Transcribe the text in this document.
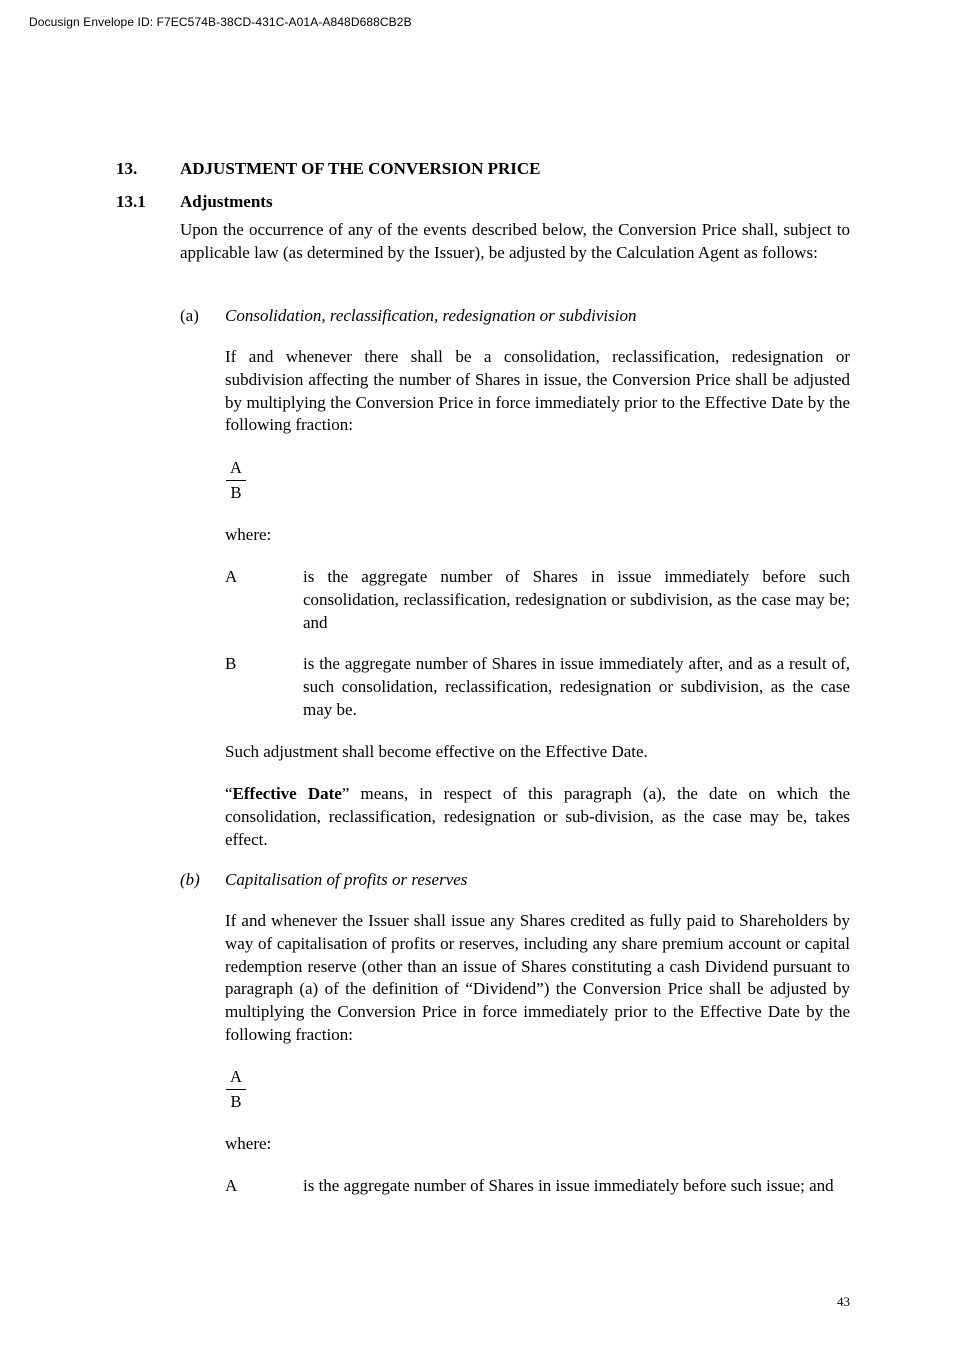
Docusign Envelope ID: F7EC574B-38CD-431C-A01A-A848D688CB2B
13.	ADJUSTMENT OF THE CONVERSION PRICE
13.1 Adjustments
Upon the occurrence of any of the events described below, the Conversion Price shall, subject to applicable law (as determined by the Issuer), be adjusted by the Calculation Agent as follows:
(a) Consolidation, reclassification, redesignation or subdivision
If and whenever there shall be a consolidation, reclassification, redesignation or subdivision affecting the number of Shares in issue, the Conversion Price shall be adjusted by multiplying the Conversion Price in force immediately prior to the Effective Date by the following fraction:
$\frac{A}{B}$
where:
A	is the aggregate number of Shares in issue immediately before such consolidation, reclassification, redesignation or subdivision, as the case may be; and
B	is the aggregate number of Shares in issue immediately after, and as a result of, such consolidation, reclassification, redesignation or subdivision, as the case may be.
Such adjustment shall become effective on the Effective Date.
“Effective Date” means, in respect of this paragraph (a), the date on which the consolidation, reclassification, redesignation or sub-division, as the case may be, takes effect.
(b) Capitalisation of profits or reserves
If and whenever the Issuer shall issue any Shares credited as fully paid to Shareholders by way of capitalisation of profits or reserves, including any share premium account or capital redemption reserve (other than an issue of Shares constituting a cash Dividend pursuant to paragraph (a) of the definition of “Dividend”) the Conversion Price shall be adjusted by multiplying the Conversion Price in force immediately prior to the Effective Date by the following fraction:
$\frac{A}{B}$
where:
A	is the aggregate number of Shares in issue immediately before such issue; and
43
